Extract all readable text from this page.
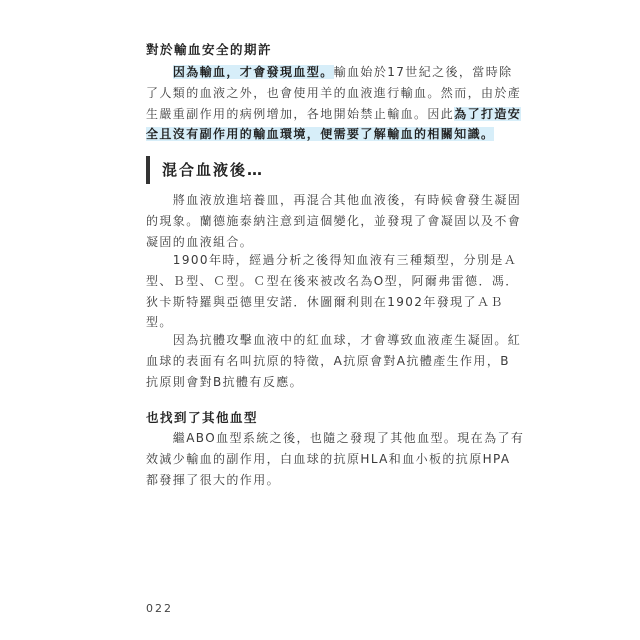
對於輸血安全的期許

　　因為輸血，才會發現血型。輸血始於17世紀之後，當時除
了人類的血液之外，也會使用羊的血液進行輸血。然而，由於產
生嚴重副作用的病例增加，各地開始禁止輸血。因此為了打造安
全且沒有副作用的輸血環境，便需要了解輸血的相關知識。

混合血液後…

　　將血液放進培養皿，再混合其他血液後，有時候會發生凝固
的現象。蘭德施泰納注意到這個變化，並發現了會凝固以及不會
凝固的血液組合。

　　1900年時，經過分析之後得知血液有三種類型，分別是Ａ
型、Ｂ型、Ｃ型。Ｃ型在後來被改名為O型，阿爾弗雷德．馮．
狄卡斯特羅與亞德里安諾．休圖爾利則在1902年發現了ＡＢ
型。

　　因為抗體攻擊血液中的紅血球，才會導致血液產生凝固。紅
血球的表面有名叫抗原的特徵，A抗原會對A抗體產生作用，B
抗原則會對B抗體有反應。

也找到了其他血型

　　繼ABO血型系統之後，也隨之發現了其他血型。現在為了有
效減少輸血的副作用，白血球的抗原HLA和血小板的抗原HPA
都發揮了很大的作用。

022
